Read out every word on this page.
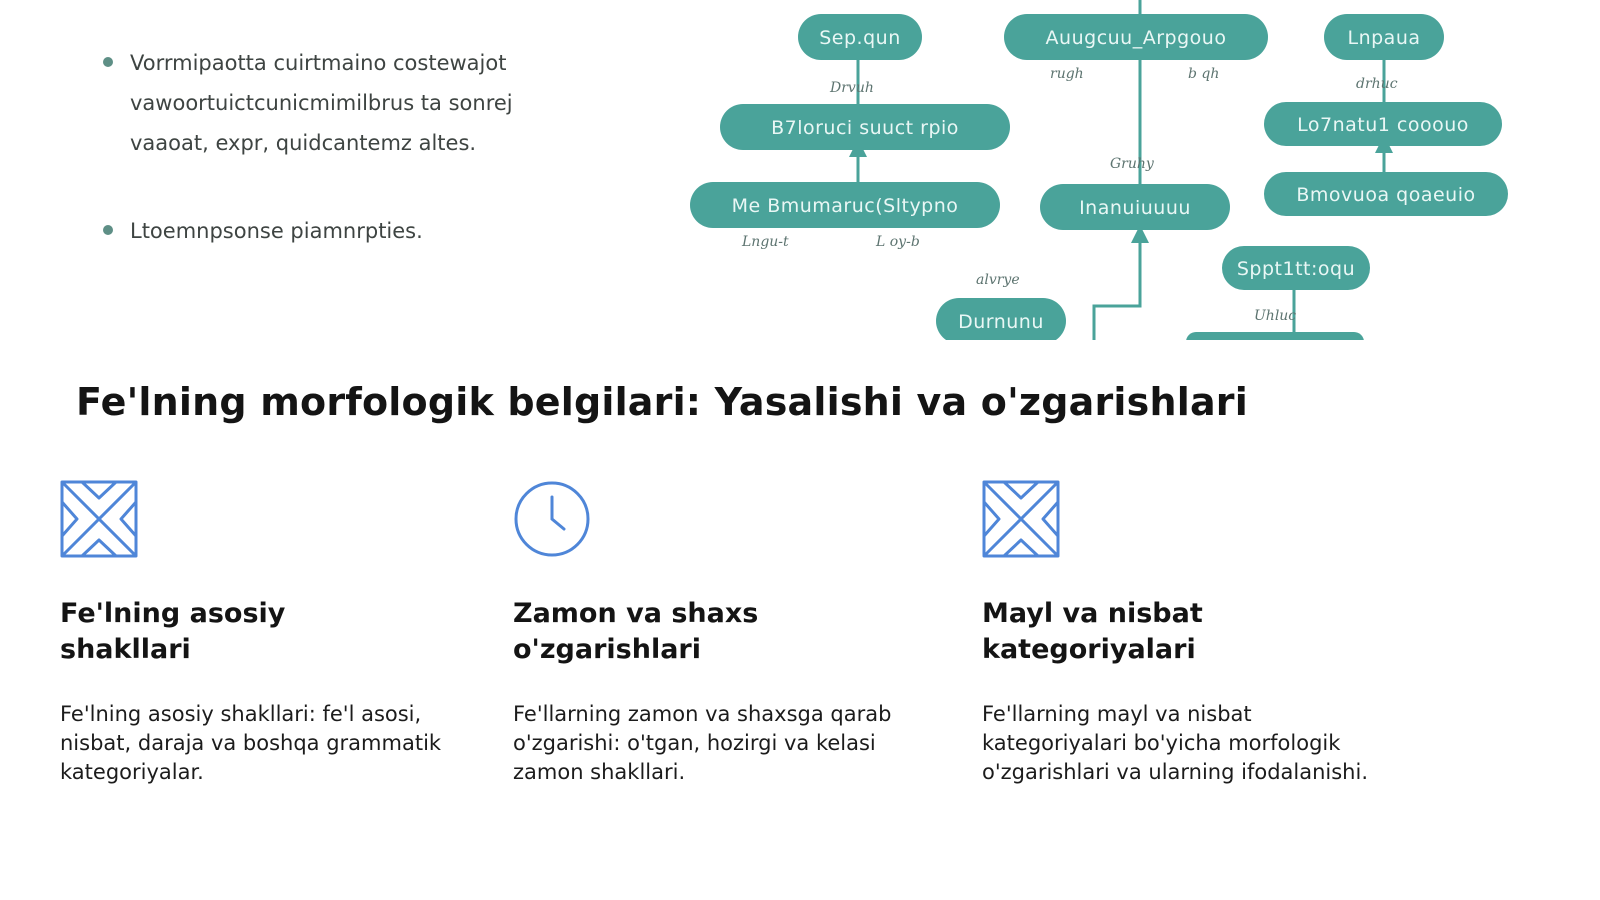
Vorrmipaotta cuirtmaino costewajot
vawoortuictcunicmimilbrus ta sonrej
vaaoat, expr, quidcantemz altes.
Ltoemnpsonse piamnrpties.
Sep.qun	Auugcuu_Arpgouo	Lnpaua
B7loruci suuct rpio	Lo7natu1 cooouo
Me Bmumaruc(Sltypno	Inanuiuuuu
Bmovuoa qoaeuio
Sppt1tt:oqu
Durnunu
Drvuh
rugh	b qh
drhuc
Gruhy
Lngu-t	L oy-b
alvrye
Uhluc
Fe'lning morfologik belgilari: Yasalishi va o'zgarishlari
Fe'lning asosiy shakllari

Fe'lning asosiy shakllari: fe'l asosi, nisbat, daraja va boshqa grammatik kategoriyalar.

Zamon va shaxs o'zgarishlari

Fe'llarning zamon va shaxsga qarab o'zgarishi: o'tgan, hozirgi va kelasi zamon shakllari.

Mayl va nisbat kategoriyalari

Fe'llarning mayl va nisbat kategoriyalari bo'yicha morfologik o'zgarishlari va ularning ifodalanishi.
